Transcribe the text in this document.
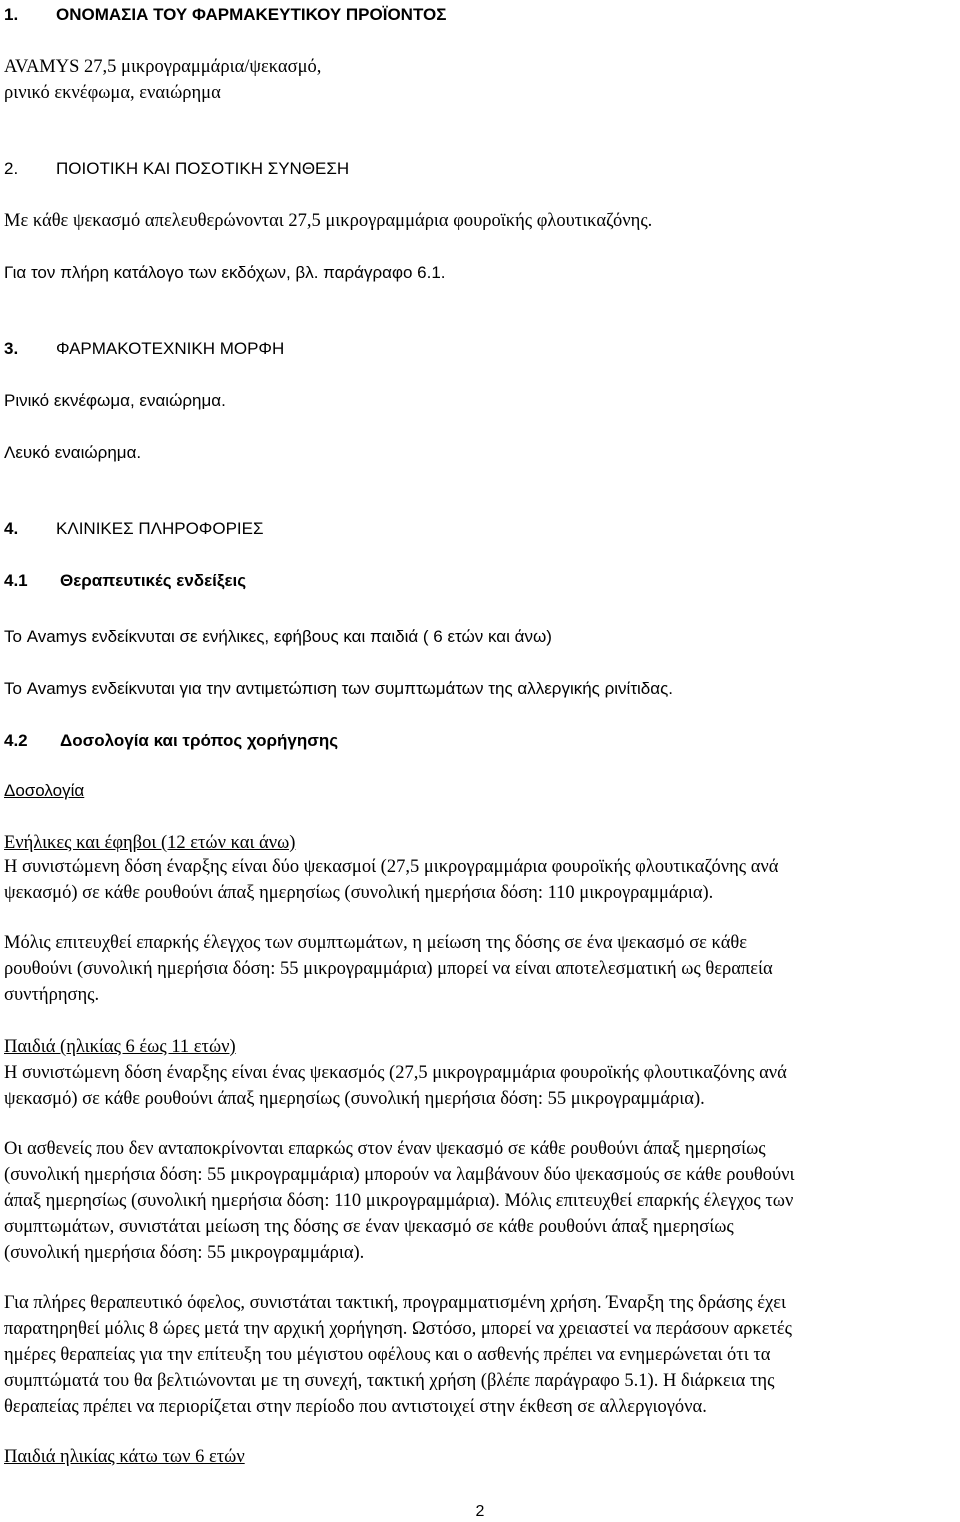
1. ΟΝΟΜΑΣΙΑ ΤΟΥ ΦΑΡΜΑΚΕΥΤΙΚΟΥ ΠΡΟΪΟΝΤΟΣ
AVAMYS 27,5 μικρογραμμάρια/ψεκασμό,
ρινικό εκνέφωμα, εναιώρημα
2. ΠΟΙΟΤΙΚΗ ΚΑΙ ΠΟΣΟΤΙΚΗ ΣΥΝΘΕΣΗ
Με κάθε ψεκασμό απελευθερώνονται 27,5 μικρογραμμάρια φουροϊκής φλουτικαζόνης.
Για τον πλήρη κατάλογο των εκδόχων, βλ. παράγραφο 6.1.
3. ΦΑΡΜΑΚΟΤΕΧΝΙΚΗ ΜΟΡΦΗ
Ρινικό εκνέφωμα, εναιώρημα.
Λευκό εναιώρημα.
4. ΚΛΙΝΙΚΕΣ ΠΛΗΡΟΦΟΡΙΕΣ
4.1 Θεραπευτικές ενδείξεις
Το Avamys ενδείκνυται σε ενήλικες, εφήβους και παιδιά ( 6 ετών και άνω)
Το Avamys ενδείκνυται για την αντιμετώπιση των συμπτωμάτων της αλλεργικής ρινίτιδας.
4.2 Δοσολογία και τρόπος χορήγησης
Δοσολογία
Ενήλικες και έφηβοι (12 ετών και άνω)
Η συνιστώμενη δόση έναρξης είναι δύο ψεκασμοί (27,5 μικρογραμμάρια φουροϊκής φλουτικαζόνης ανά
ψεκασμό) σε κάθε ρουθούνι άπαξ ημερησίως (συνολική ημερήσια δόση: 110 μικρογραμμάρια).
Μόλις επιτευχθεί επαρκής έλεγχος των συμπτωμάτων, η μείωση της δόσης σε ένα ψεκασμό σε κάθε
ρουθούνι (συνολική ημερήσια δόση: 55 μικρογραμμάρια) μπορεί να είναι αποτελεσματική ως θεραπεία
συντήρησης.
Παιδιά (ηλικίας 6 έως 11 ετών)
Η συνιστώμενη δόση έναρξης είναι ένας ψεκασμός (27,5 μικρογραμμάρια φουροϊκής φλουτικαζόνης ανά
ψεκασμό) σε κάθε ρουθούνι άπαξ ημερησίως (συνολική ημερήσια δόση: 55 μικρογραμμάρια).
Οι ασθενείς που δεν ανταποκρίνονται επαρκώς στον έναν ψεκασμό σε κάθε ρουθούνι άπαξ ημερησίως
(συνολική ημερήσια δόση: 55 μικρογραμμάρια) μπορούν να λαμβάνουν δύο ψεκασμούς σε κάθε ρουθούνι
άπαξ ημερησίως (συνολική ημερήσια δόση: 110 μικρογραμμάρια). Μόλις επιτευχθεί επαρκής έλεγχος των
συμπτωμάτων, συνιστάται μείωση της δόσης σε έναν ψεκασμό σε κάθε ρουθούνι άπαξ ημερησίως
(συνολική ημερήσια δόση: 55 μικρογραμμάρια).
Για πλήρες θεραπευτικό όφελος, συνιστάται τακτική, προγραμματισμένη χρήση. Έναρξη της δράσης έχει
παρατηρηθεί μόλις 8 ώρες μετά την αρχική χορήγηση. Ωστόσο, μπορεί να χρειαστεί να περάσουν αρκετές
ημέρες θεραπείας για την επίτευξη του μέγιστου οφέλους και ο ασθενής πρέπει να ενημερώνεται ότι τα
συμπτώματά του θα βελτιώνονται με τη συνεχή, τακτική χρήση (βλέπε παράγραφο 5.1). Η διάρκεια της
θεραπείας πρέπει να περιορίζεται στην περίοδο που αντιστοιχεί στην έκθεση σε αλλεργιογόνα.
Παιδιά ηλικίας κάτω των 6 ετών
2
